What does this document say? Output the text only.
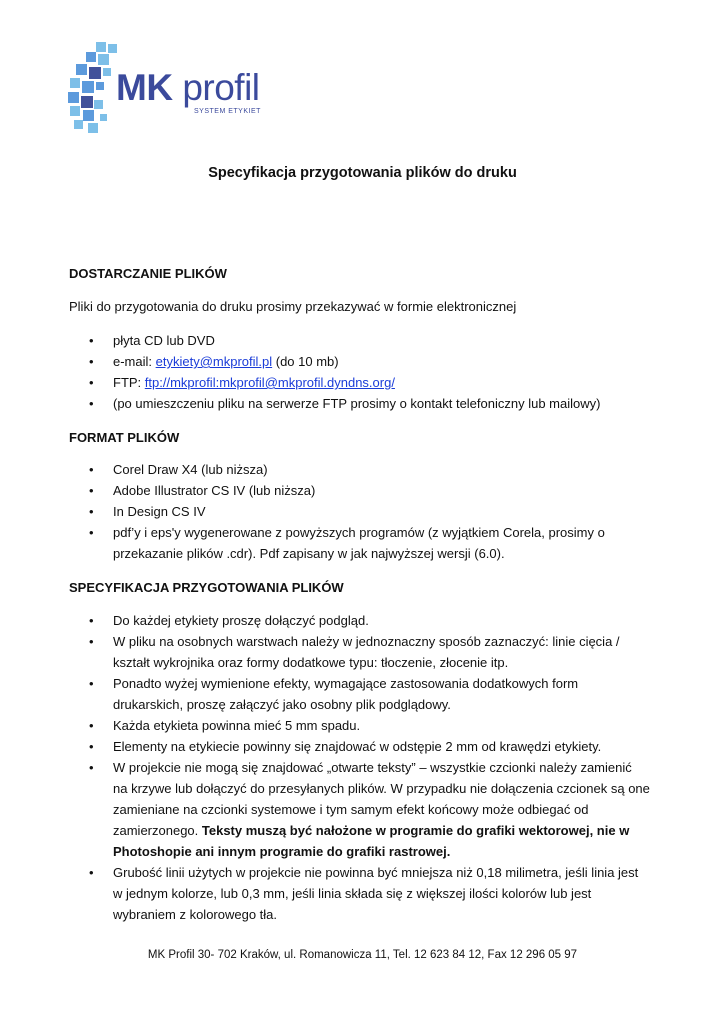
MK profil
SYSTEM ETYKIET
Specyfikacja przygotowania plików do druku
DOSTARCZANIE PLIKÓW
Pliki do przygotowania do druku prosimy przekazywać w formie elektronicznej
• płyta CD lub DVD
• e-mail: etykiety@mkprofil.pl (do 10 mb)
• FTP: ftp://mkprofil:mkprofil@mkprofil.dyndns.org/
• (po umieszczeniu pliku na serwerze FTP prosimy o kontakt telefoniczny lub mailowy)
FORMAT PLIKÓW
• Corel Draw X4 (lub niższa)
• Adobe Illustrator CS IV (lub niższa)
• In Design CS IV
• pdf’y i eps'y wygenerowane z powyższych programów (z wyjątkiem Corela, prosimy o
przekazanie plików .cdr). Pdf zapisany w jak najwyższej wersji (6.0).
SPECYFIKACJA PRZYGOTOWANIA PLIKÓW
• Do każdej etykiety proszę dołączyć podgląd.
• W pliku na osobnych warstwach należy w jednoznaczny sposób zaznaczyć: linie cięcia /
kształt wykrojnika oraz formy dodatkowe typu: tłoczenie, złocenie itp.
• Ponadto wyżej wymienione efekty, wymagające zastosowania dodatkowych form
drukarskich, proszę załączyć jako osobny plik podglądowy.
• Każda etykieta powinna mieć 5 mm spadu.
• Elementy na etykiecie powinny się znajdować w odstępie 2 mm od krawędzi etykiety.
• W projekcie nie mogą się znajdować „otwarte teksty” – wszystkie czcionki należy zamienić
na krzywe lub dołączyć do przesyłanych plików. W przypadku nie dołączenia czcionek są one
zamieniane na czcionki systemowe i tym samym efekt końcowy może odbiegać od
zamierzonego. Teksty muszą być nałożone w programie do grafiki wektorowej, nie w
Photoshopie ani innym programie do grafiki rastrowej.
• Grubość linii użytych w projekcie nie powinna być mniejsza niż 0,18 milimetra, jeśli linia jest
w jednym kolorze, lub 0,3 mm, jeśli linia składa się z większej ilości kolorów lub jest
wybraniem z kolorowego tła.
MK Profil 30- 702 Kraków, ul. Romanowicza 11, Tel. 12 623 84 12, Fax 12 296 05 97
